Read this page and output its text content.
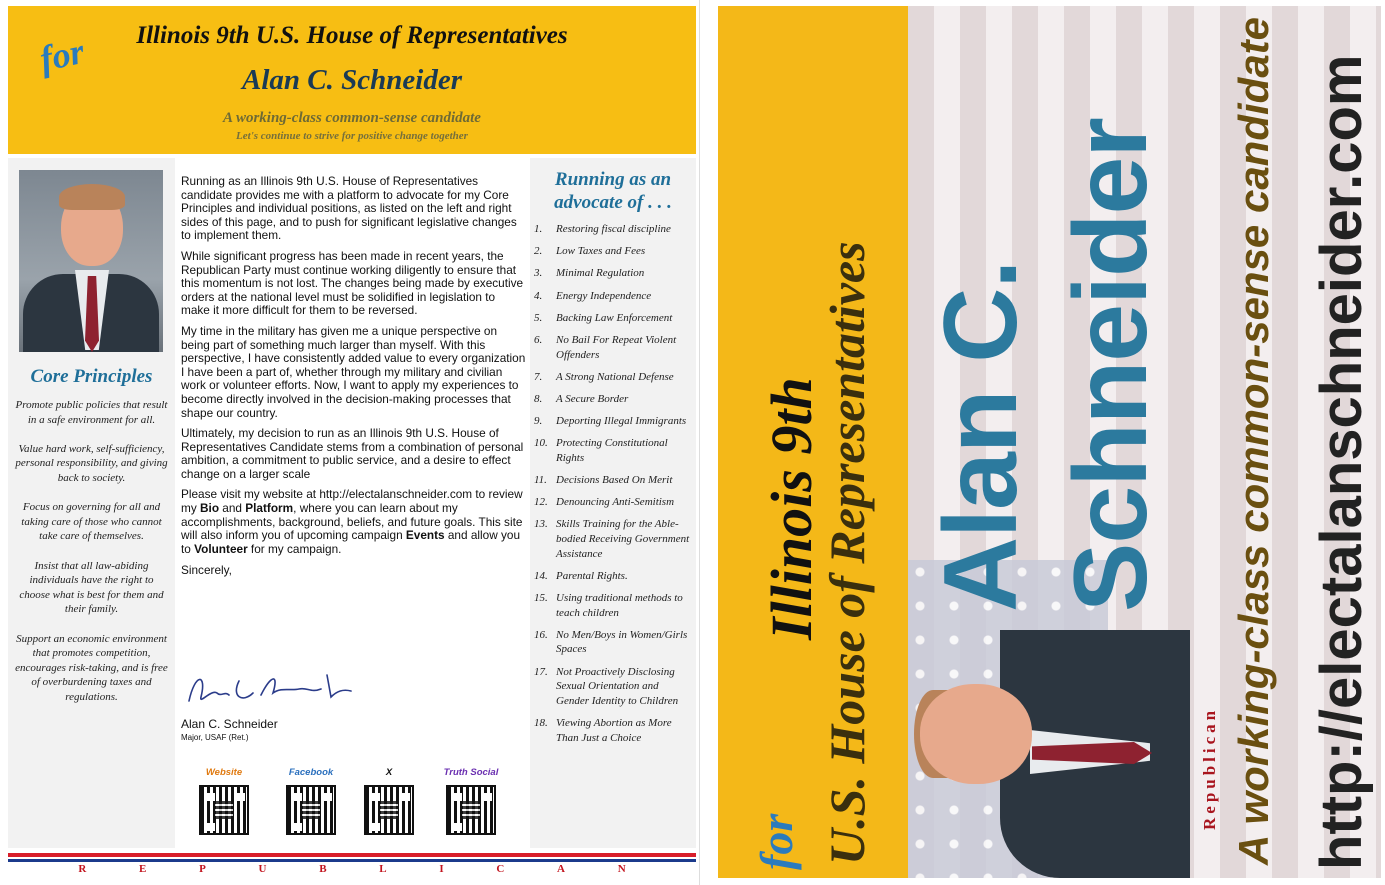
for	Illinois 9th U.S. House of Representatives
Alan C. Schneider
A working-class common-sense candidate
Let's continue to strive for positive change together
Core Principles
Promote public policies that result in a safe environment for all.
Value hard work, self-sufficiency, personal responsibility, and giving back to society.
Focus on governing for all and taking care of those who cannot take care of themselves.
Insist that all law-abiding individuals have the right to choose what is best for them and their family.
Support an economic environment that promotes competition, encourages risk-taking, and is free of overburdening taxes and regulations.

Running as an Illinois 9th U.S. House of Representatives candidate provides me with a platform to advocate for my Core Principles and individual positions, as listed on the left and right sides of this page, and to push for significant legislative changes to implement them.

While significant progress has been made in recent years, the Republican Party must continue working diligently to ensure that this momentum is not lost. The changes being made by executive orders at the national level must be solidified in legislation to make it more difficult for them to be reversed.

My time in the military has given me a unique perspective on being part of something much larger than myself. With this perspective, I have consistently added value to every organization I have been a part of, whether through my military and civilian work or volunteer efforts. Now, I want to apply my experiences to become directly involved in the decision-making processes that shape our country.

Ultimately, my decision to run as an Illinois 9th U.S. House of Representatives Candidate stems from a combination of personal ambition, a commitment to public service, and a desire to effect change on a larger scale

Please visit my website at http://electalanschneider.com to review my Bio and Platform, where you can learn about my accomplishments, background, beliefs, and future goals. This site will also inform you of upcoming campaign Events and allow you to Volunteer for my campaign.

Sincerely,
Alan C. Schneider
Major, USAF (Ret.)
Website	Facebook	X	Truth Social
Running as an
advocate of . . .
1.	Restoring fiscal discipline
2.	Low Taxes and Fees
3.	Minimal Regulation
4.	Energy Independence
5.	Backing Law Enforcement
6.	No Bail For Repeat Violent Offenders
7.	A Strong National Defense
8.	A Secure Border
9.	Deporting Illegal Immigrants
10. Protecting Constitutional Rights
11. Decisions Based On Merit
12. Denouncing Anti-Semitism
13. Skills Training for the Able-bodied Receiving Government Assistance
14. Parental Rights.
15. Using traditional methods to teach children
16. No Men/Boys in Women/Girls Spaces
17. Not Proactively Disclosing Sexual Orientation and Gender Identity to Children
18. Viewing Abortion as More Than Just a Choice
R	E	P	U	B	L	I	C	A	N
Illinois 9th
for U.S. House of Representatives Alan C. Schneider
Republican A working-class common-sense candidate http://electalanschneider.com
